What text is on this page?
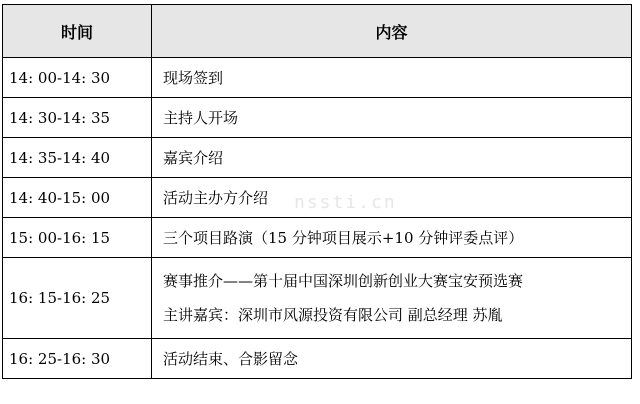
时间	内容
14: 00-14: 30	现场签到

14: 30-14: 35	主持人开场

14: 35-14: 40	嘉宾介绍

14: 40-15: 00	活动主办方介绍

15: 00-16: 15	三个项目路演（15 分钟项目展示+10 分钟评委点评）

16: 15-16: 25	赛事推介——第十届中国深圳创新创业大赛宝安预选赛
主讲嘉宾：深圳市风源投资有限公司 副总经理 苏胤

16: 25-16: 30	活动结束、合影留念
nssti.cn
